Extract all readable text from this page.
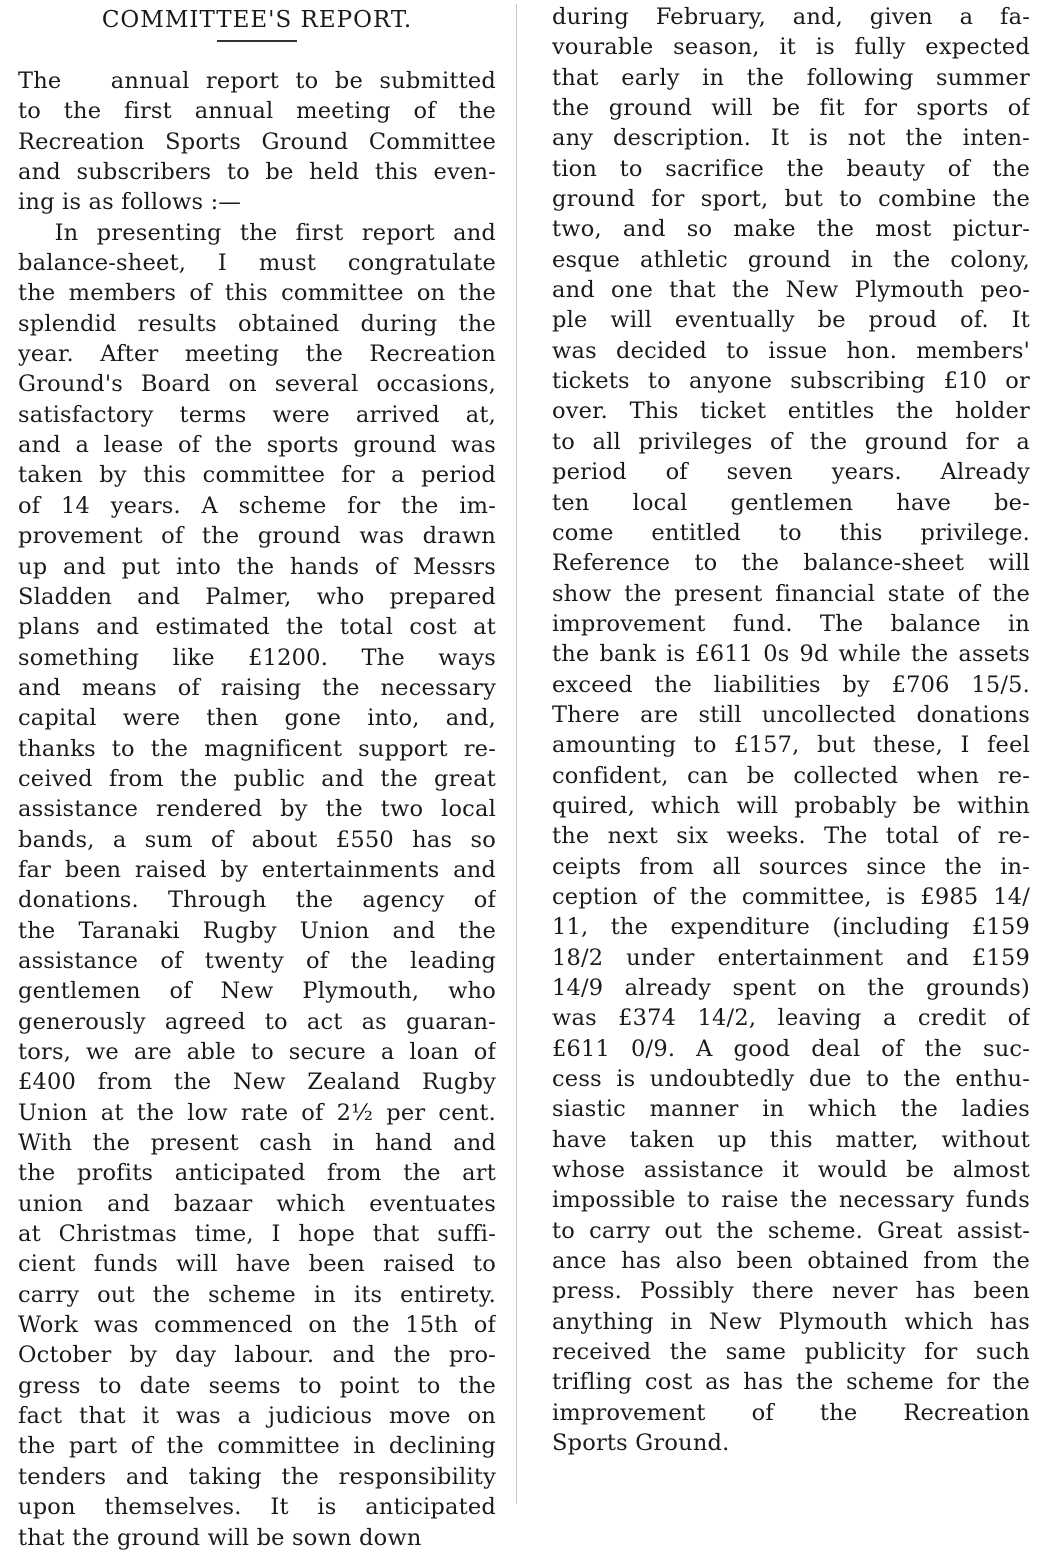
COMMITTEE'S REPORT.
The   annual report to be submitted
to the first annual meeting of the
Recreation Sports Ground Committee
and subscribers to be held this even-
ing is as follows :—
In presenting the first report and
balance-sheet, I must congratulate
the members of this committee on the
splendid results obtained during the
year. After meeting the Recreation
Ground's Board on several occasions,
satisfactory terms were arrived at,
and a lease of the sports ground was
taken by this committee for a period
of 14 years. A scheme for the im-
provement of the ground was drawn
up and put into the hands of Messrs
Sladden and Palmer, who prepared
plans and estimated the total cost at
something like £1200. The ways
and means of raising the necessary
capital were then gone into, and,
thanks to the magnificent support re-
ceived from the public and the great
assistance rendered by the two local
bands, a sum of about £550 has so
far been raised by entertainments and
donations. Through the agency of
the Taranaki Rugby Union and the
assistance of twenty of the leading
gentlemen of New Plymouth, who
generously agreed to act as guaran-
tors, we are able to secure a loan of
£400 from the New Zealand Rugby
Union at the low rate of 2½ per cent.
With the present cash in hand and
the profits anticipated from the art
union and bazaar which eventuates
at Christmas time, I hope that suffi-
cient funds will have been raised to
carry out the scheme in its entirety.
Work was commenced on the 15th of
October by day labour. and the pro-
gress to date seems to point to the
fact that it was a judicious move on
the part of the committee in declining
tenders and taking the responsibility
upon themselves. It is anticipated
that the ground will be sown down
during February, and, given a fa-
vourable season, it is fully expected
that early in the following summer
the ground will be fit for sports of
any description. It is not the inten-
tion to sacrifice the beauty of the
ground for sport, but to combine the
two, and so make the most pictur-
esque athletic ground in the colony,
and one that the New Plymouth peo-
ple will eventually be proud of. It
was decided to issue hon. members'
tickets to anyone subscribing £10 or
over. This ticket entitles the holder
to all privileges of the ground for a
period of seven years. Already
ten local gentlemen have be-
come entitled to this privilege.
Reference to the balance-sheet will
show the present financial state of the
improvement fund. The balance in
the bank is £611 0s 9d while the assets
exceed the liabilities by £706 15/5.
There are still uncollected donations
amounting to £157, but these, I feel
confident, can be collected when re-
quired, which will probably be within
the next six weeks. The total of re-
ceipts from all sources since the in-
ception of the committee, is £985 14/
11, the expenditure (including £159
18/2 under entertainment and £159
14/9 already spent on the grounds)
was £374 14/2, leaving a credit of
£611 0/9. A good deal of the suc-
cess is undoubtedly due to the enthu-
siastic manner in which the ladies
have taken up this matter, without
whose assistance it would be almost
impossible to raise the necessary funds
to carry out the scheme. Great assist-
ance has also been obtained from the
press. Possibly there never has been
anything in New Plymouth which has
received the same publicity for such
trifling cost as has the scheme for the
improvement of the Recreation
Sports Ground.
